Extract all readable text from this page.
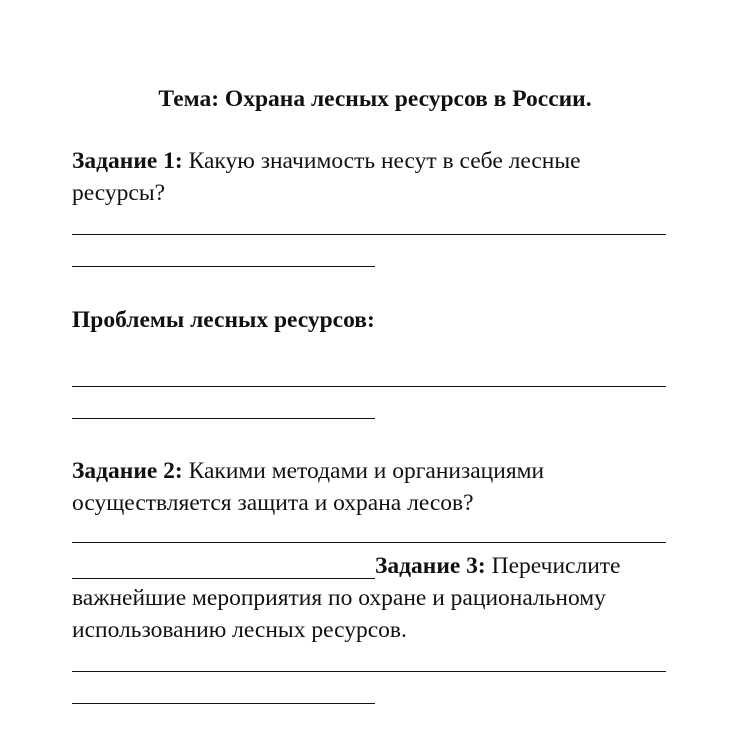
Тема: Охрана лесных ресурсов в России.
Задание 1: Какую значимость несут в себе лесные
ресурсы?
Проблемы лесных ресурсов:
Задание 2: Какими методами и организациями
осуществляется защита и охрана лесов?
Задание 3: Перечислите
важнейшие мероприятия по охране и рациональному
использованию лесных ресурсов.
